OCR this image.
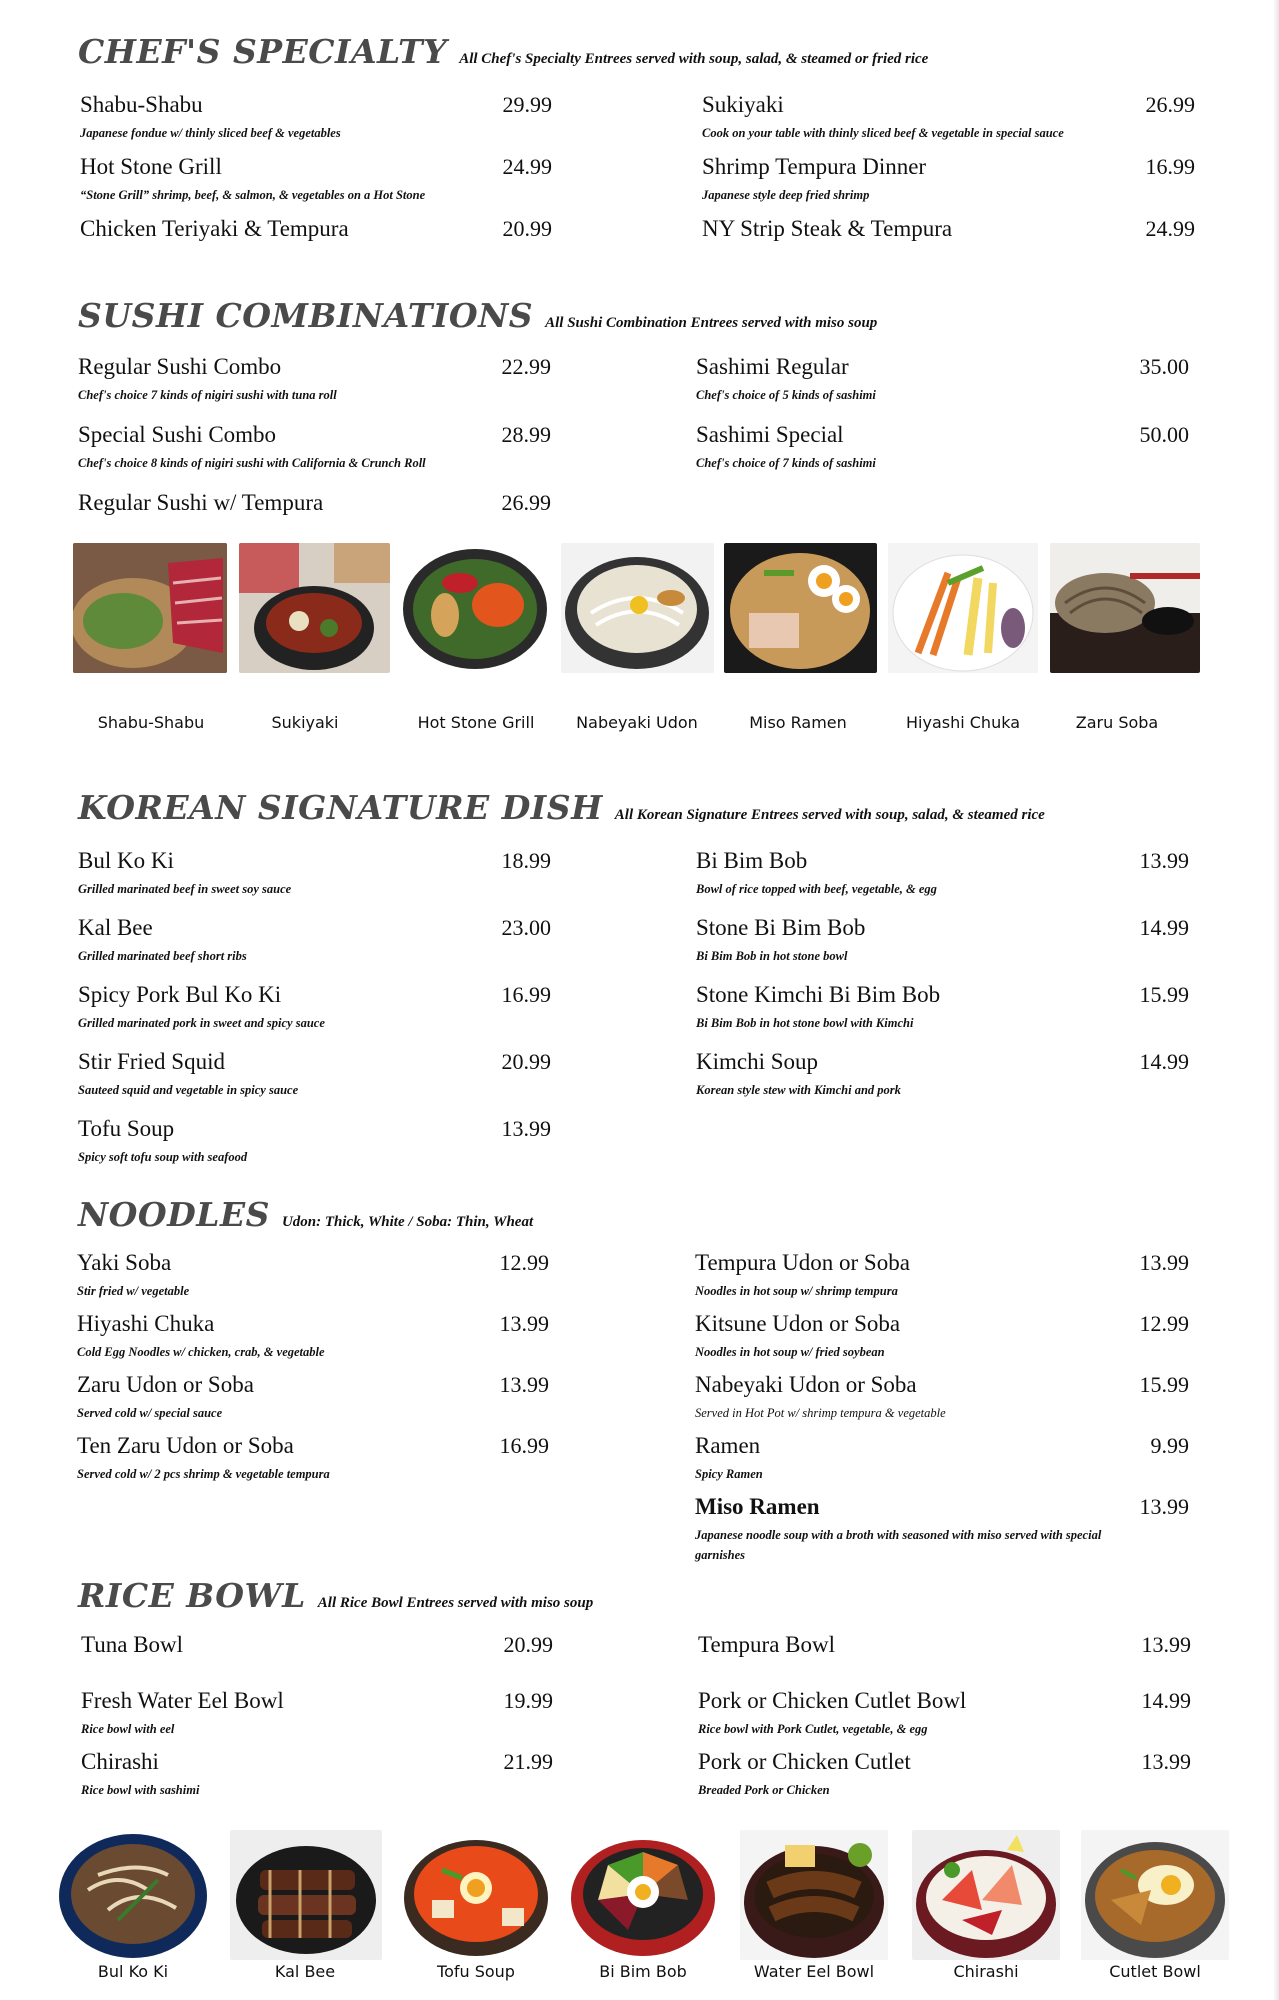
CHEF'S SPECIALTY All Chef's Specialty Entrees served with soup, salad, & steamed or fried rice
Shabu-Shabu	29.99
Japanese fondue w/ thinly sliced beef & vegetables
Sukiyaki	26.99
Cook on your table with thinly sliced beef & vegetable in special sauce
Hot Stone Grill	24.99
“Stone Grill” shrimp, beef, & salmon, & vegetables on a Hot Stone
Shrimp Tempura Dinner	16.99
Japanese style deep fried shrimp
Chicken Teriyaki & Tempura	20.99	NY Strip Steak & Tempura	24.99
SUSHI COMBINATIONS All Sushi Combination Entrees served with miso soup
Regular Sushi Combo	22.99
Chef's choice 7 kinds of nigiri sushi with tuna roll
Sashimi Regular	35.00
Chef's choice of 5 kinds of sashimi
Special Sushi Combo	28.99
Chef's choice 8 kinds of nigiri sushi with California & Crunch Roll
Sashimi Special	50.00
Chef's choice of 7 kinds of sashimi
Regular Sushi w/ Tempura	26.99
Shabu-Shabu	Sukiyaki	Hot Stone Grill	Nabeyaki Udon	Miso Ramen	Hiyashi Chuka	Zaru Soba
KOREAN SIGNATURE DISH All Korean Signature Entrees served with soup, salad, & steamed rice
Bul Ko Ki	18.99
Grilled marinated beef in sweet soy sauce
Bi Bim Bob	13.99
Bowl of rice topped with beef, vegetable, & egg
Kal Bee	23.00
Grilled marinated beef short ribs
Stone Bi Bim Bob	14.99
Bi Bim Bob in hot stone bowl
Spicy Pork Bul Ko Ki	16.99
Grilled marinated pork in sweet and spicy sauce
Stone Kimchi Bi Bim Bob	15.99
Bi Bim Bob in hot stone bowl with Kimchi
Stir Fried Squid	20.99
Sauteed squid and vegetable in spicy sauce
Kimchi Soup	14.99
Korean style stew with Kimchi and pork
Tofu Soup	13.99
Spicy soft tofu soup with seafood
NOODLES Udon: Thick, White / Soba: Thin, Wheat
Yaki Soba	12.99
Stir fried w/ vegetable
Tempura Udon or Soba	13.99
Noodles in hot soup w/ shrimp tempura
Hiyashi Chuka	13.99
Cold Egg Noodles w/ chicken, crab, & vegetable
Kitsune Udon or Soba	12.99
Noodles in hot soup w/ fried soybean
Zaru Udon or Soba	13.99
Served cold w/ special sauce
Nabeyaki Udon or Soba	15.99
Served in Hot Pot w/ shrimp tempura & vegetable
Ten Zaru Udon or Soba	16.99
Served cold w/ 2 pcs shrimp & vegetable tempura
Ramen	9.99
Spicy Ramen
Miso Ramen	13.99
Japanese noodle soup with a broth with seasoned with miso served with special garnishes
RICE BOWL All Rice Bowl Entrees served with miso soup
Tuna Bowl	20.99	Tempura Bowl	13.99
Fresh Water Eel Bowl	19.99
Rice bowl with eel
Pork or Chicken Cutlet Bowl	14.99
Rice bowl with Pork Cutlet, vegetable, & egg
Chirashi	21.99
Rice bowl with sashimi
Pork or Chicken Cutlet	13.99
Breaded Pork or Chicken
Bul Ko Ki	Kal Bee	Tofu Soup	Bi Bim Bob	Water Eel Bowl	Chirashi	Cutlet Bowl
